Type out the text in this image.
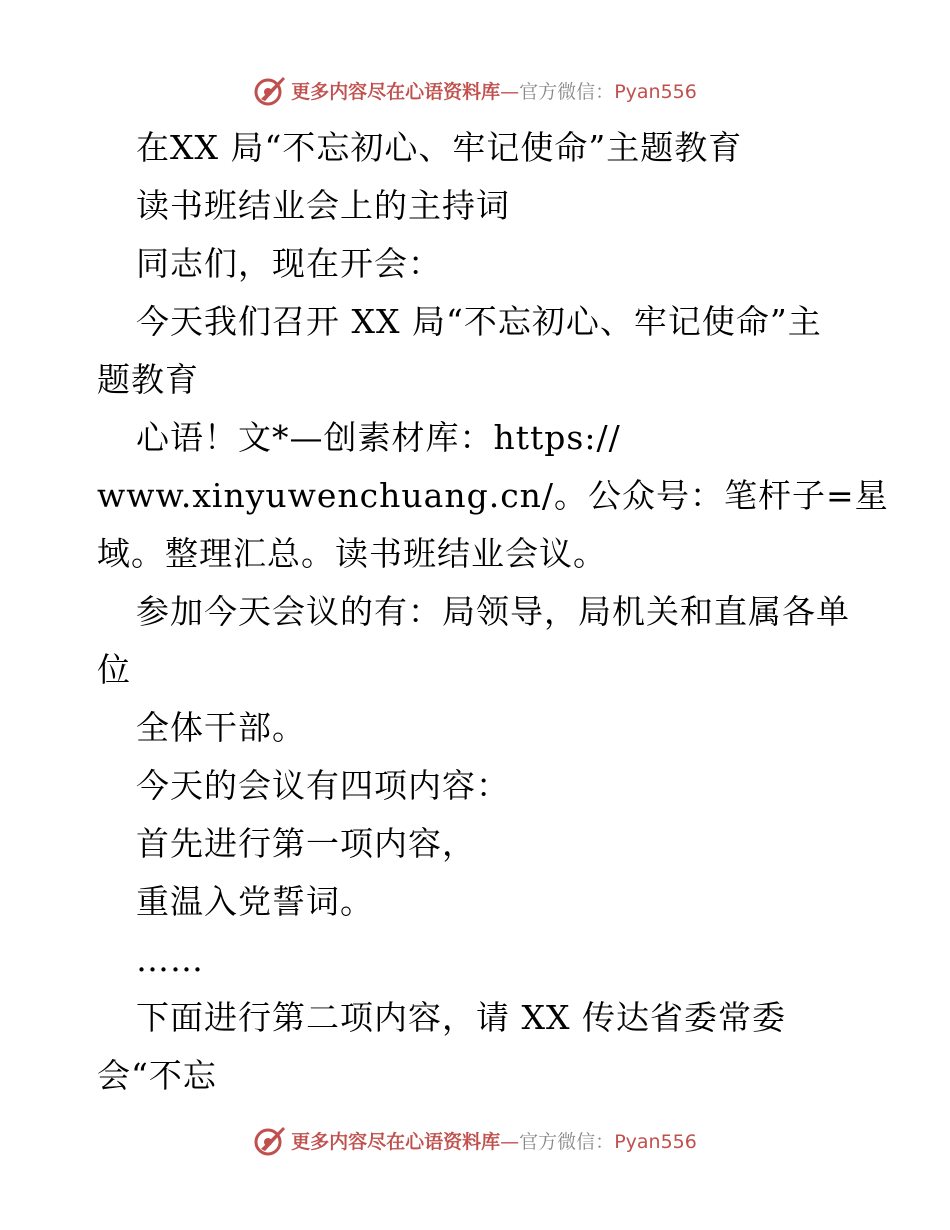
更多内容尽在心语资料库—官方微信：Pyan556
在XX 局“不忘初心、牢记使命”主题教育
读书班结业会上的主持词
同志们，现在开会：
今天我们召开 XX 局“不忘初心、牢记使命”主
题教育
心语！文*—创素材库：https://
www.xinyuwenchuang.cn/。公众号：笔杆子=星
域。整理汇总。读书班结业会议。
参加今天会议的有：局领导，局机关和直属各单
位
全体干部。
今天的会议有四项内容：
首先进行第一项内容，
重温入党誓词。
……
下面进行第二项内容，请 XX 传达省委常委
会“不忘
更多内容尽在心语资料库—官方微信：Pyan556
